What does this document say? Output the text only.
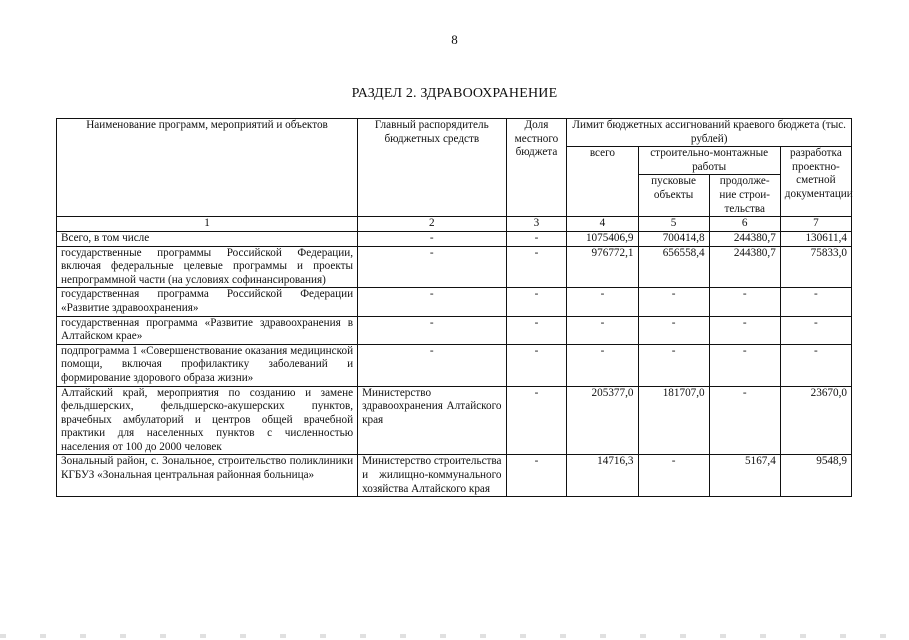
8
РАЗДЕЛ 2. ЗДРАВООХРАНЕНИЕ
Наименование программ, мероприятий и объектов	Главный распорядитель бюджетных средств	Доля местного бюджета	Лимит бюджетных ассигнований краевого бюджета (тыс. рублей)			
			всего	строительно-монтажные работы		разработка проектно-сметной документации
				пусковые объекты	продолже-ние строи-тельства	
1	2	3	4	5	6	7
Всего, в том числе	-	-	1075406,9	700414,8	244380,7	130611,4
государственные программы Российской Федерации, включая федеральные целевые программы и проекты непрограммной части (на условиях софинансирования)	-	-	976772,1	656558,4	244380,7	75833,0
государственная программа Российской Федерации «Развитие здравоохранения»	-	-	-	-	-	-
государственная программа «Развитие здравоохранения в Алтайском крае»	-	-	-	-	-	-
подпрограмма 1 «Совершенствование оказания медицинской помощи, включая профилактику заболеваний и формирование здорового образа жизни»	-	-	-	-	-	-
Алтайский край, мероприятия по созданию и замене фельдшерских, фельдшерско-акушерских пунктов, врачебных амбулаторий и центров общей врачебной практики для населенных пунктов с численностью населения от 100 до 2000 человек	Министерство здравоохранения Алтайского края	-	205377,0	181707,0	-	23670,0
Зональный район, с. Зональное, строительство поликлиники КГБУЗ «Зональная центральная районная больница»	Министерство строительства и жилищно-коммунального хозяйства Алтайского края	-	14716,3	-	5167,4	9548,9
